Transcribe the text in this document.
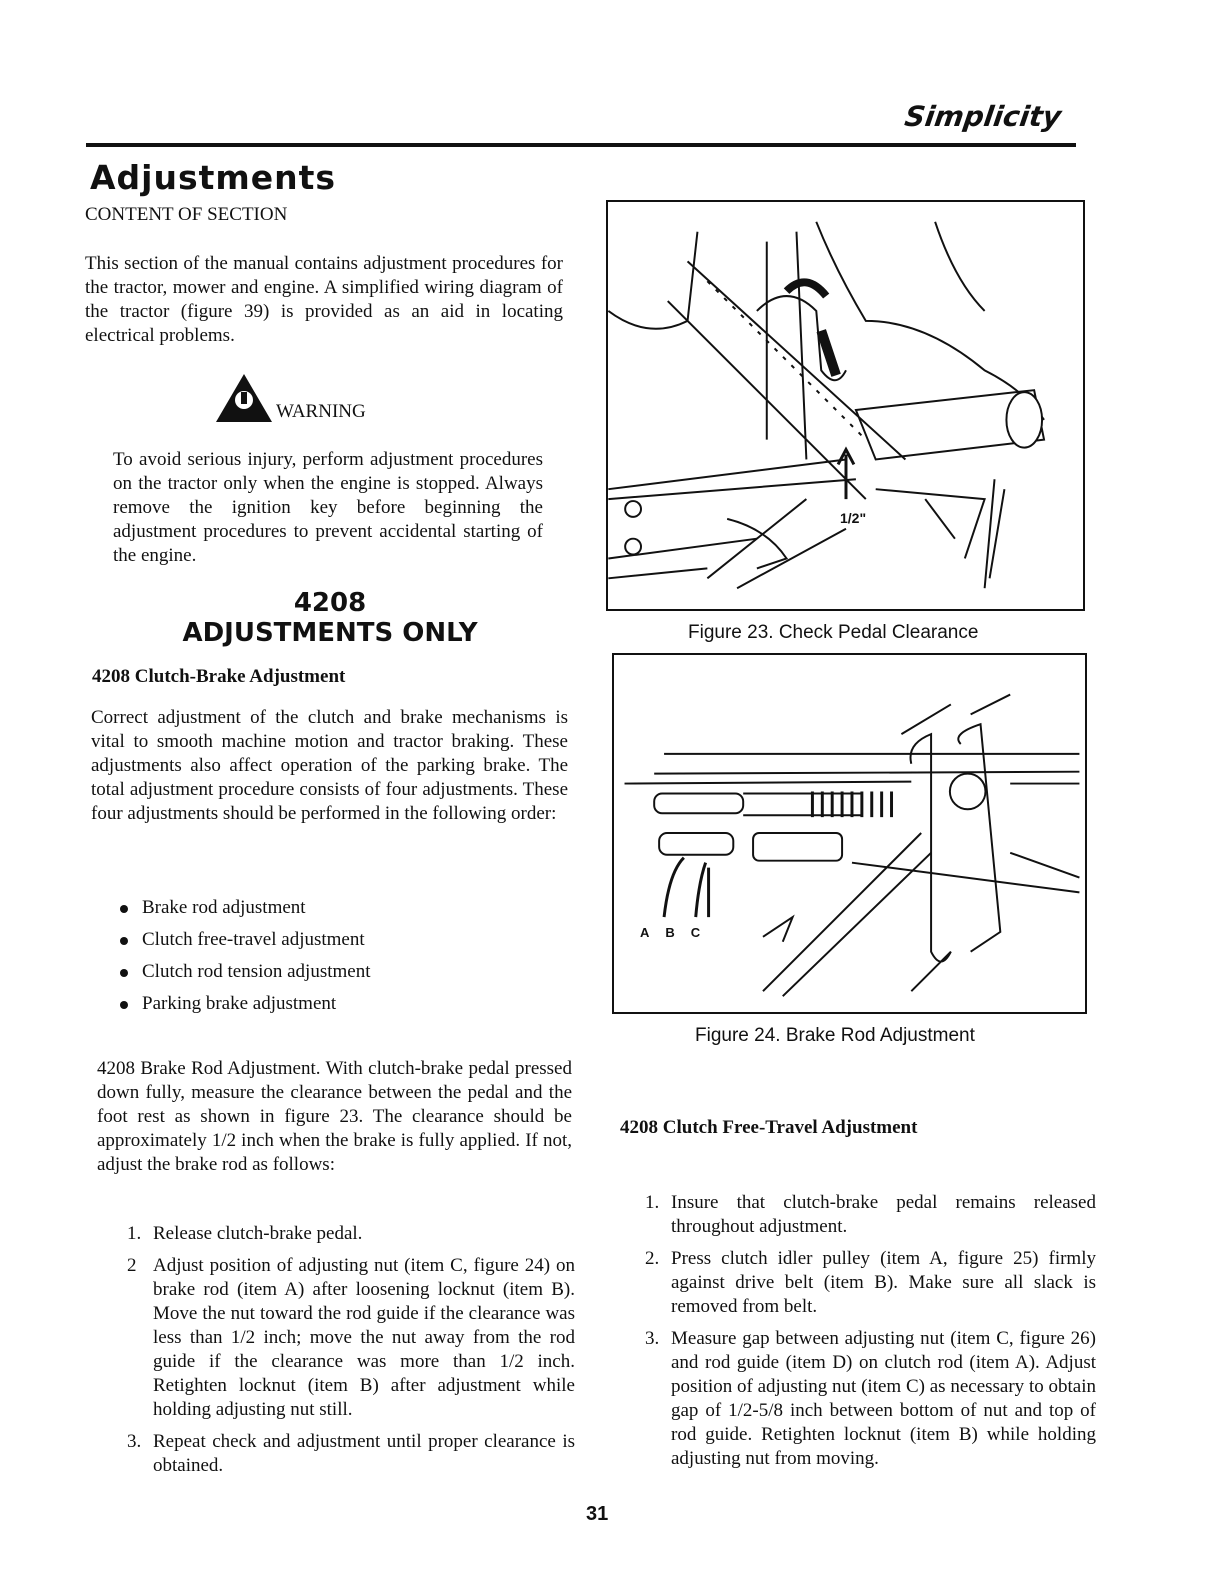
Simplicity
Adjustments
CONTENT OF SECTION
This section of the manual contains adjustment procedures for the tractor, mower and engine. A simplified wiring diagram of the tractor (figure 39) is provided as an aid in locating electrical problems.
WARNING
To avoid serious injury, perform adjustment procedures on the tractor only when the engine is stopped. Always remove the ignition key before beginning the adjustment procedures to prevent accidental starting of the engine.
4208
ADJUSTMENTS ONLY
4208 Clutch-Brake Adjustment
Correct adjustment of the clutch and brake mechanisms is vital to smooth machine motion and tractor braking. These adjustments also affect operation of the parking brake. The total adjustment procedure consists of four adjustments. These four adjustments should be performed in the following order:
Brake rod adjustment
Clutch free-travel adjustment
Clutch rod tension adjustment
Parking brake adjustment
4208 Brake Rod Adjustment. With clutch-brake pedal pressed down fully, measure the clearance between the pedal and the foot rest as shown in figure 23. The clearance should be approximately 1/2 inch when the brake is fully applied. If not, adjust the brake rod as follows:
1. Release clutch-brake pedal.
2 Adjust position of adjusting nut (item C, figure 24) on brake rod (item A) after loosening locknut (item B). Move the nut toward the rod guide if the clearance was less than 1/2 inch; move the nut away from the rod guide if the clearance was more than 1/2 inch. Retighten locknut (item B) after adjustment while holding adjusting nut still.
3. Repeat check and adjustment until proper clearance is obtained.
1/2"
Figure 23. Check Pedal Clearance
ABC
Figure 24. Brake Rod Adjustment
4208 Clutch Free-Travel Adjustment
1. Insure that clutch-brake pedal remains released throughout adjustment.
2. Press clutch idler pulley (item A, figure 25) firmly against drive belt (item B). Make sure all slack is removed from belt.
3. Measure gap between adjusting nut (item C, figure 26) and rod guide (item D) on clutch rod (item A). Adjust position of adjusting nut (item C) as necessary to obtain gap of 1/2-5/8 inch between bottom of nut and top of rod guide. Retighten locknut (item B) while holding adjusting nut from moving.
31
